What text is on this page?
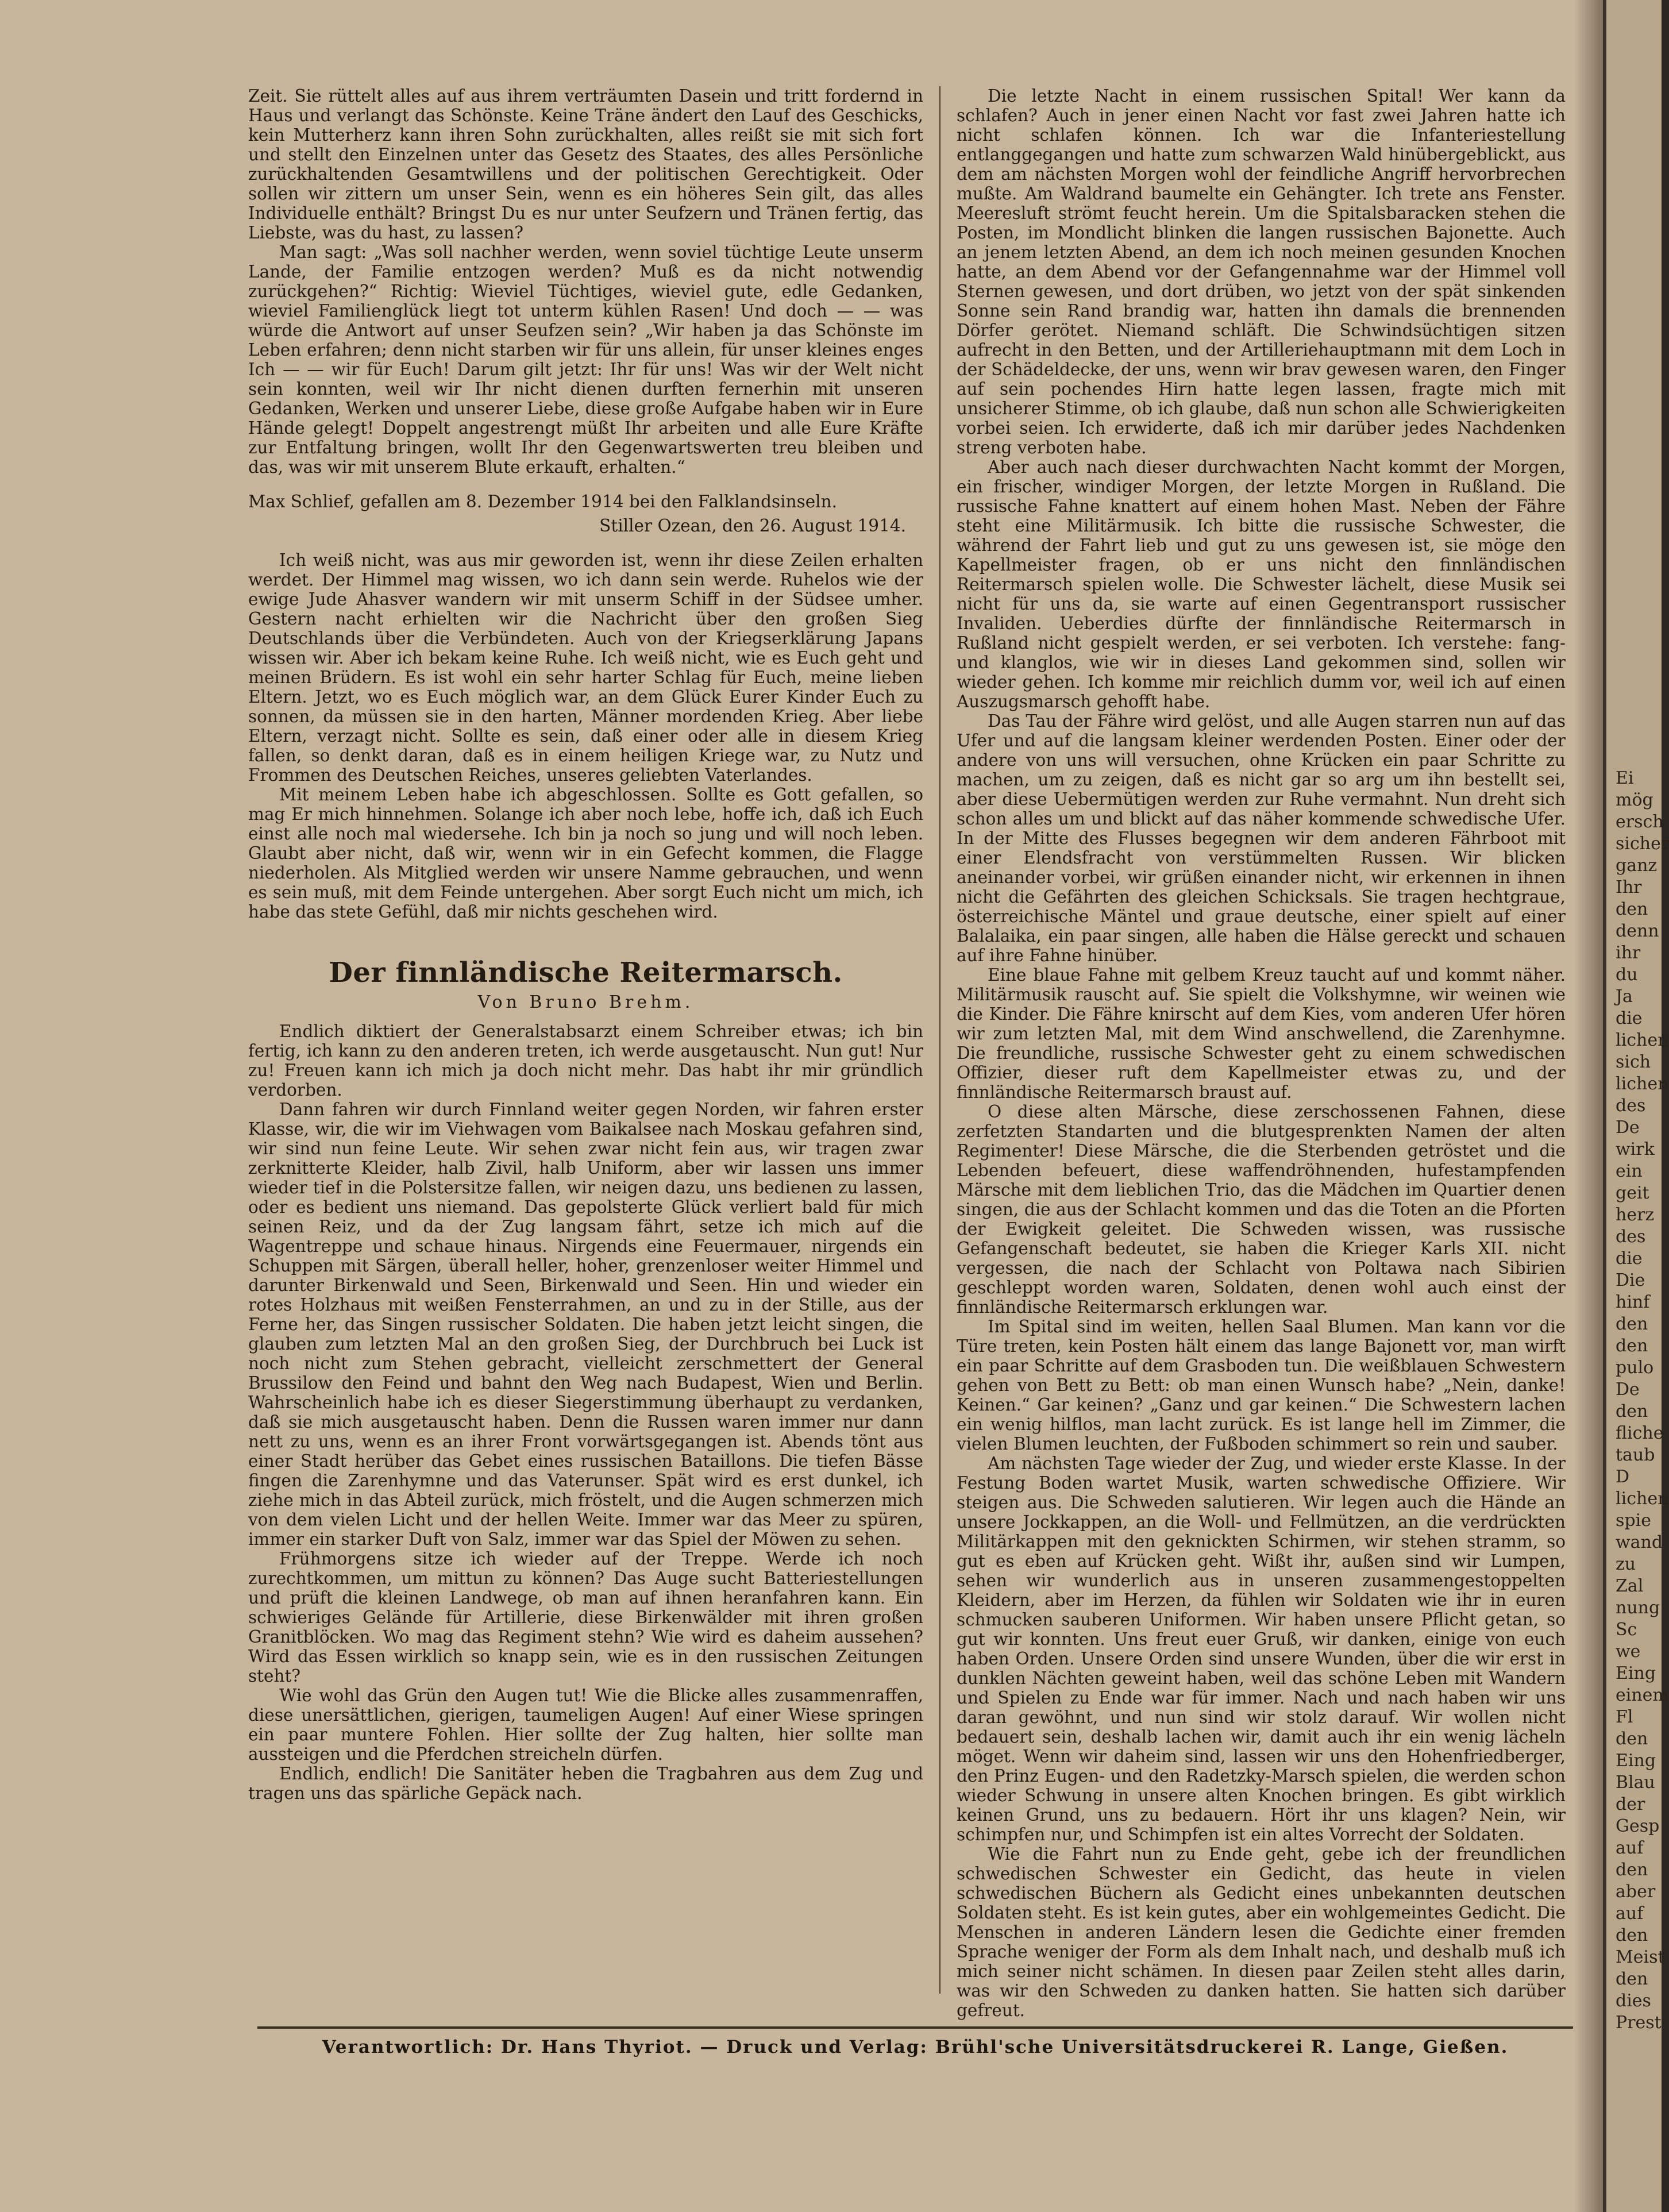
Zeit. Sie rüttelt alles auf aus ihrem verträumten Dasein und tritt fordernd in Haus und verlangt das Schönste. Keine Träne ändert den Lauf des Geschicks, kein Mutterherz kann ihren Sohn zurückhalten, alles reißt sie mit sich fort und stellt den Einzelnen unter das Gesetz des Staates, des alles Persönliche zurückhaltenden Gesamtwillens und der politischen Gerechtigkeit. Oder sollen wir zittern um unser Sein, wenn es ein höheres Sein gilt, das alles Individuelle enthält? Bringst Du es nur unter Seufzern und Tränen fertig, das Liebste, was du hast, zu lassen?

Man sagt: „Was soll nachher werden, wenn soviel tüchtige Leute unserm Lande, der Familie entzogen werden? Muß es da nicht notwendig zurückgehen?“ Richtig: Wieviel Tüchtiges, wieviel gute, edle Gedanken, wieviel Familienglück liegt tot unterm kühlen Rasen! Und doch — — was würde die Antwort auf unser Seufzen sein? „Wir haben ja das Schönste im Leben erfahren; denn nicht starben wir für uns allein, für unser kleines enges Ich — — wir für Euch! Darum gilt jetzt: Ihr für uns! Was wir der Welt nicht sein konnten, weil wir Ihr nicht dienen durften fernerhin mit unseren Gedanken, Werken und unserer Liebe, diese große Aufgabe haben wir in Eure Hände gelegt! Doppelt angestrengt müßt Ihr arbeiten und alle Eure Kräfte zur Entfaltung bringen, wollt Ihr den Gegenwartswerten treu bleiben und das, was wir mit unserem Blute erkauft, erhalten.“

Max Schlief, gefallen am 8. Dezember 1914 bei den Falklandsinseln.

Stiller Ozean, den 26. August 1914.

Ich weiß nicht, was aus mir geworden ist, wenn ihr diese Zeilen erhalten werdet. Der Himmel mag wissen, wo ich dann sein werde. Ruhelos wie der ewige Jude Ahasver wandern wir mit unserm Schiff in der Südsee umher. Gestern nacht erhielten wir die Nachricht über den großen Sieg Deutschlands über die Verbündeten. Auch von der Kriegserklärung Japans wissen wir. Aber ich bekam keine Ruhe. Ich weiß nicht, wie es Euch geht und meinen Brüdern. Es ist wohl ein sehr harter Schlag für Euch, meine lieben Eltern. Jetzt, wo es Euch möglich war, an dem Glück Eurer Kinder Euch zu sonnen, da müssen sie in den harten, Männer mordenden Krieg. Aber liebe Eltern, verzagt nicht. Sollte es sein, daß einer oder alle in diesem Krieg fallen, so denkt daran, daß es in einem heiligen Kriege war, zu Nutz und Frommen des Deutschen Reiches, unseres geliebten Vaterlandes.

Mit meinem Leben habe ich abgeschlossen. Sollte es Gott gefallen, so mag Er mich hinnehmen. Solange ich aber noch lebe, hoffe ich, daß ich Euch einst alle noch mal wiedersehe. Ich bin ja noch so jung und will noch leben. Glaubt aber nicht, daß wir, wenn wir in ein Gefecht kommen, die Flagge niederholen. Als Mitglied werden wir unsere Namme gebrauchen, und wenn es sein muß, mit dem Feinde untergehen. Aber sorgt Euch nicht um mich, ich habe das stete Gefühl, daß mir nichts geschehen wird.

Der finnländische Reitermarsch.
Von Bruno Brehm.

Endlich diktiert der Generalstabsarzt einem Schreiber etwas; ich bin fertig, ich kann zu den anderen treten, ich werde ausgetauscht. Nun gut! Nur zu! Freuen kann ich mich ja doch nicht mehr. Das habt ihr mir gründlich verdorben.

Dann fahren wir durch Finnland weiter gegen Norden, wir fahren erster Klasse, wir, die wir im Viehwagen vom Baikalsee nach Moskau gefahren sind, wir sind nun feine Leute. Wir sehen zwar nicht fein aus, wir tragen zwar zerknitterte Kleider, halb Zivil, halb Uniform, aber wir lassen uns immer wieder tief in die Polstersitze fallen, wir neigen dazu, uns bedienen zu lassen, oder es bedient uns niemand. Das gepolsterte Glück verliert bald für mich seinen Reiz, und da der Zug langsam fährt, setze ich mich auf die Wagentreppe und schaue hinaus. Nirgends eine Feuermauer, nirgends ein Schuppen mit Särgen, überall heller, hoher, grenzenloser weiter Himmel und darunter Birkenwald und Seen, Birkenwald und Seen. Hin und wieder ein rotes Holzhaus mit weißen Fensterrahmen, an und zu in der Stille, aus der Ferne her, das Singen russischer Soldaten. Die haben jetzt leicht singen, die glauben zum letzten Mal an den großen Sieg, der Durchbruch bei Luck ist noch nicht zum Stehen gebracht, vielleicht zerschmettert der General Brussilow den Feind und bahnt den Weg nach Budapest, Wien und Berlin. Wahrscheinlich habe ich es dieser Siegerstimmung überhaupt zu verdanken, daß sie mich ausgetauscht haben. Denn die Russen waren immer nur dann nett zu uns, wenn es an ihrer Front vorwärtsgegangen ist. Abends tönt aus einer Stadt herüber das Gebet eines russischen Bataillons. Die tiefen Bässe fingen die Zarenhymne und das Vaterunser. Spät wird es erst dunkel, ich ziehe mich in das Abteil zurück, mich fröstelt, und die Augen schmerzen mich von dem vielen Licht und der hellen Weite. Immer war das Meer zu spüren, immer ein starker Duft von Salz, immer war das Spiel der Möwen zu sehen.

Frühmorgens sitze ich wieder auf der Treppe. Werde ich noch zurechtkommen, um mittun zu können? Das Auge sucht Batteriestellungen und prüft die kleinen Landwege, ob man auf ihnen heranfahren kann. Ein schwieriges Gelände für Artillerie, diese Birkenwälder mit ihren großen Granitblöcken. Wo mag das Regiment stehn? Wie wird es daheim aussehen? Wird das Essen wirklich so knapp sein, wie es in den russischen Zeitungen steht?

Wie wohl das Grün den Augen tut! Wie die Blicke alles zusammenraffen, diese unersättlichen, gierigen, taumeligen Augen! Auf einer Wiese springen ein paar muntere Fohlen. Hier sollte der Zug halten, hier sollte man aussteigen und die Pferdchen streicheln dürfen.

Endlich, endlich! Die Sanitäter heben die Tragbahren aus dem Zug und tragen uns das spärliche Gepäck nach.

Die letzte Nacht in einem russischen Spital! Wer kann da schlafen? Auch in jener einen Nacht vor fast zwei Jahren hatte ich nicht schlafen können. Ich war die Infanteriestellung entlanggegangen und hatte zum schwarzen Wald hinübergeblickt, aus dem am nächsten Morgen wohl der feindliche Angriff hervorbrechen mußte. Am Waldrand baumelte ein Gehängter. Ich trete ans Fenster. Meeresluft strömt feucht herein. Um die Spitalsbaracken stehen die Posten, im Mondlicht blinken die langen russischen Bajonette. Auch an jenem letzten Abend, an dem ich noch meinen gesunden Knochen hatte, an dem Abend vor der Gefangennahme war der Himmel voll Sternen gewesen, und dort drüben, wo jetzt von der spät sinkenden Sonne sein Rand brandig war, hatten ihn damals die brennenden Dörfer gerötet. Niemand schläft. Die Schwindsüchtigen sitzen aufrecht in den Betten, und der Artilleriehauptmann mit dem Loch in der Schädeldecke, der uns, wenn wir brav gewesen waren, den Finger auf sein pochendes Hirn hatte legen lassen, fragte mich mit unsicherer Stimme, ob ich glaube, daß nun schon alle Schwierigkeiten vorbei seien. Ich erwiderte, daß ich mir darüber jedes Nachdenken streng verboten habe.

Aber auch nach dieser durchwachten Nacht kommt der Morgen, ein frischer, windiger Morgen, der letzte Morgen in Rußland. Die russische Fahne knattert auf einem hohen Mast. Neben der Fähre steht eine Militärmusik. Ich bitte die russische Schwester, die während der Fahrt lieb und gut zu uns gewesen ist, sie möge den Kapellmeister fragen, ob er uns nicht den finnländischen Reitermarsch spielen wolle. Die Schwester lächelt, diese Musik sei nicht für uns da, sie warte auf einen Gegentransport russischer Invaliden. Ueberdies dürfte der finnländische Reitermarsch in Rußland nicht gespielt werden, er sei verboten. Ich verstehe: fang- und klanglos, wie wir in dieses Land gekommen sind, sollen wir wieder gehen. Ich komme mir reichlich dumm vor, weil ich auf einen Auszugsmarsch gehofft habe.

Das Tau der Fähre wird gelöst, und alle Augen starren nun auf das Ufer und auf die langsam kleiner werdenden Posten. Einer oder der andere von uns will versuchen, ohne Krücken ein paar Schritte zu machen, um zu zeigen, daß es nicht gar so arg um ihn bestellt sei, aber diese Uebermütigen werden zur Ruhe vermahnt. Nun dreht sich schon alles um und blickt auf das näher kommende schwedische Ufer. In der Mitte des Flusses begegnen wir dem anderen Fährboot mit einer Elendsfracht von verstümmelten Russen. Wir blicken aneinander vorbei, wir grüßen einander nicht, wir erkennen in ihnen nicht die Gefährten des gleichen Schicksals. Sie tragen hechtgraue, österreichische Mäntel und graue deutsche, einer spielt auf einer Balalaika, ein paar singen, alle haben die Hälse gereckt und schauen auf ihre Fahne hinüber.

Eine blaue Fahne mit gelbem Kreuz taucht auf und kommt näher. Militärmusik rauscht auf. Sie spielt die Volkshymne, wir weinen wie die Kinder. Die Fähre knirscht auf dem Kies, vom anderen Ufer hören wir zum letzten Mal, mit dem Wind anschwellend, die Zarenhymne. Die freundliche, russische Schwester geht zu einem schwedischen Offizier, dieser ruft dem Kapellmeister etwas zu, und der finnländische Reitermarsch braust auf.

O diese alten Märsche, diese zerschossenen Fahnen, diese zerfetzten Standarten und die blutgesprenkten Namen der alten Regimenter! Diese Märsche, die die Sterbenden getröstet und die Lebenden befeuert, diese waffendröhnenden, hufestampfenden Märsche mit dem lieblichen Trio, das die Mädchen im Quartier denen singen, die aus der Schlacht kommen und das die Toten an die Pforten der Ewigkeit geleitet. Die Schweden wissen, was russische Gefangenschaft bedeutet, sie haben die Krieger Karls XII. nicht vergessen, die nach der Schlacht von Poltawa nach Sibirien geschleppt worden waren, Soldaten, denen wohl auch einst der finnländische Reitermarsch erklungen war.

Im Spital sind im weiten, hellen Saal Blumen. Man kann vor die Türe treten, kein Posten hält einem das lange Bajonett vor, man wirft ein paar Schritte auf dem Grasboden tun. Die weißblauen Schwestern gehen von Bett zu Bett: ob man einen Wunsch habe? „Nein, danke! Keinen.“ Gar keinen? „Ganz und gar keinen.“ Die Schwestern lachen ein wenig hilflos, man lacht zurück. Es ist lange hell im Zimmer, die vielen Blumen leuchten, der Fußboden schimmert so rein und sauber.

Am nächsten Tage wieder der Zug, und wieder erste Klasse. In der Festung Boden wartet Musik, warten schwedische Offiziere. Wir steigen aus. Die Schweden salutieren. Wir legen auch die Hände an unsere Jockkappen, an die Woll- und Fellmützen, an die verdrückten Militärkappen mit den geknickten Schirmen, wir stehen stramm, so gut es eben auf Krücken geht. Wißt ihr, außen sind wir Lumpen, sehen wir wunderlich aus in unseren zusammengestoppelten Kleidern, aber im Herzen, da fühlen wir Soldaten wie ihr in euren schmucken sauberen Uniformen. Wir haben unsere Pflicht getan, so gut wir konnten. Uns freut euer Gruß, wir danken, einige von euch haben Orden. Unsere Orden sind unsere Wunden, über die wir erst in dunklen Nächten geweint haben, weil das schöne Leben mit Wandern und Spielen zu Ende war für immer. Nach und nach haben wir uns daran gewöhnt, und nun sind wir stolz darauf. Wir wollen nicht bedauert sein, deshalb lachen wir, damit auch ihr ein wenig lächeln möget. Wenn wir daheim sind, lassen wir uns den Hohenfriedberger, den Prinz Eugen- und den Radetzky-Marsch spielen, die werden schon wieder Schwung in unsere alten Knochen bringen. Es gibt wirklich keinen Grund, uns zu bedauern. Hört ihr uns klagen? Nein, wir schimpfen nur, und Schimpfen ist ein altes Vorrecht der Soldaten.

Wie die Fahrt nun zu Ende geht, gebe ich der freundlichen schwedischen Schwester ein Gedicht, das heute in vielen schwedischen Büchern als Gedicht eines unbekannten deutschen Soldaten steht. Es ist kein gutes, aber ein wohlgemeintes Gedicht. Die Menschen in anderen Ländern lesen die Gedichte einer fremden Sprache weniger der Form als dem Inhalt nach, und deshalb muß ich mich seiner nicht schämen. In diesen paar Zeilen steht alles darin, was wir den Schweden zu danken hatten. Sie hatten sich darüber gefreut.

Verantwortlich: Dr. Hans Thyriot. — Druck und Verlag: Brühl'sche Universitätsdruckerei R. Lange, Gießen.
Ei
mög
ersch
sicher
ganz
Ihr
den
denn
ihr
du
Ja
die
lichen
sich
lichen
des
De
wirk
ein
geit
herz
des
die
Die
hinf
den
den
pulo
De
den
fliche
taub
D
lichen
spie
wand
zu
Zal
nung
Sc
we
Eing
einem
Fl
den
Eing
Blau
der
Gesp
auf
den
aber
auf
den
Meist
den
dies
Prest
